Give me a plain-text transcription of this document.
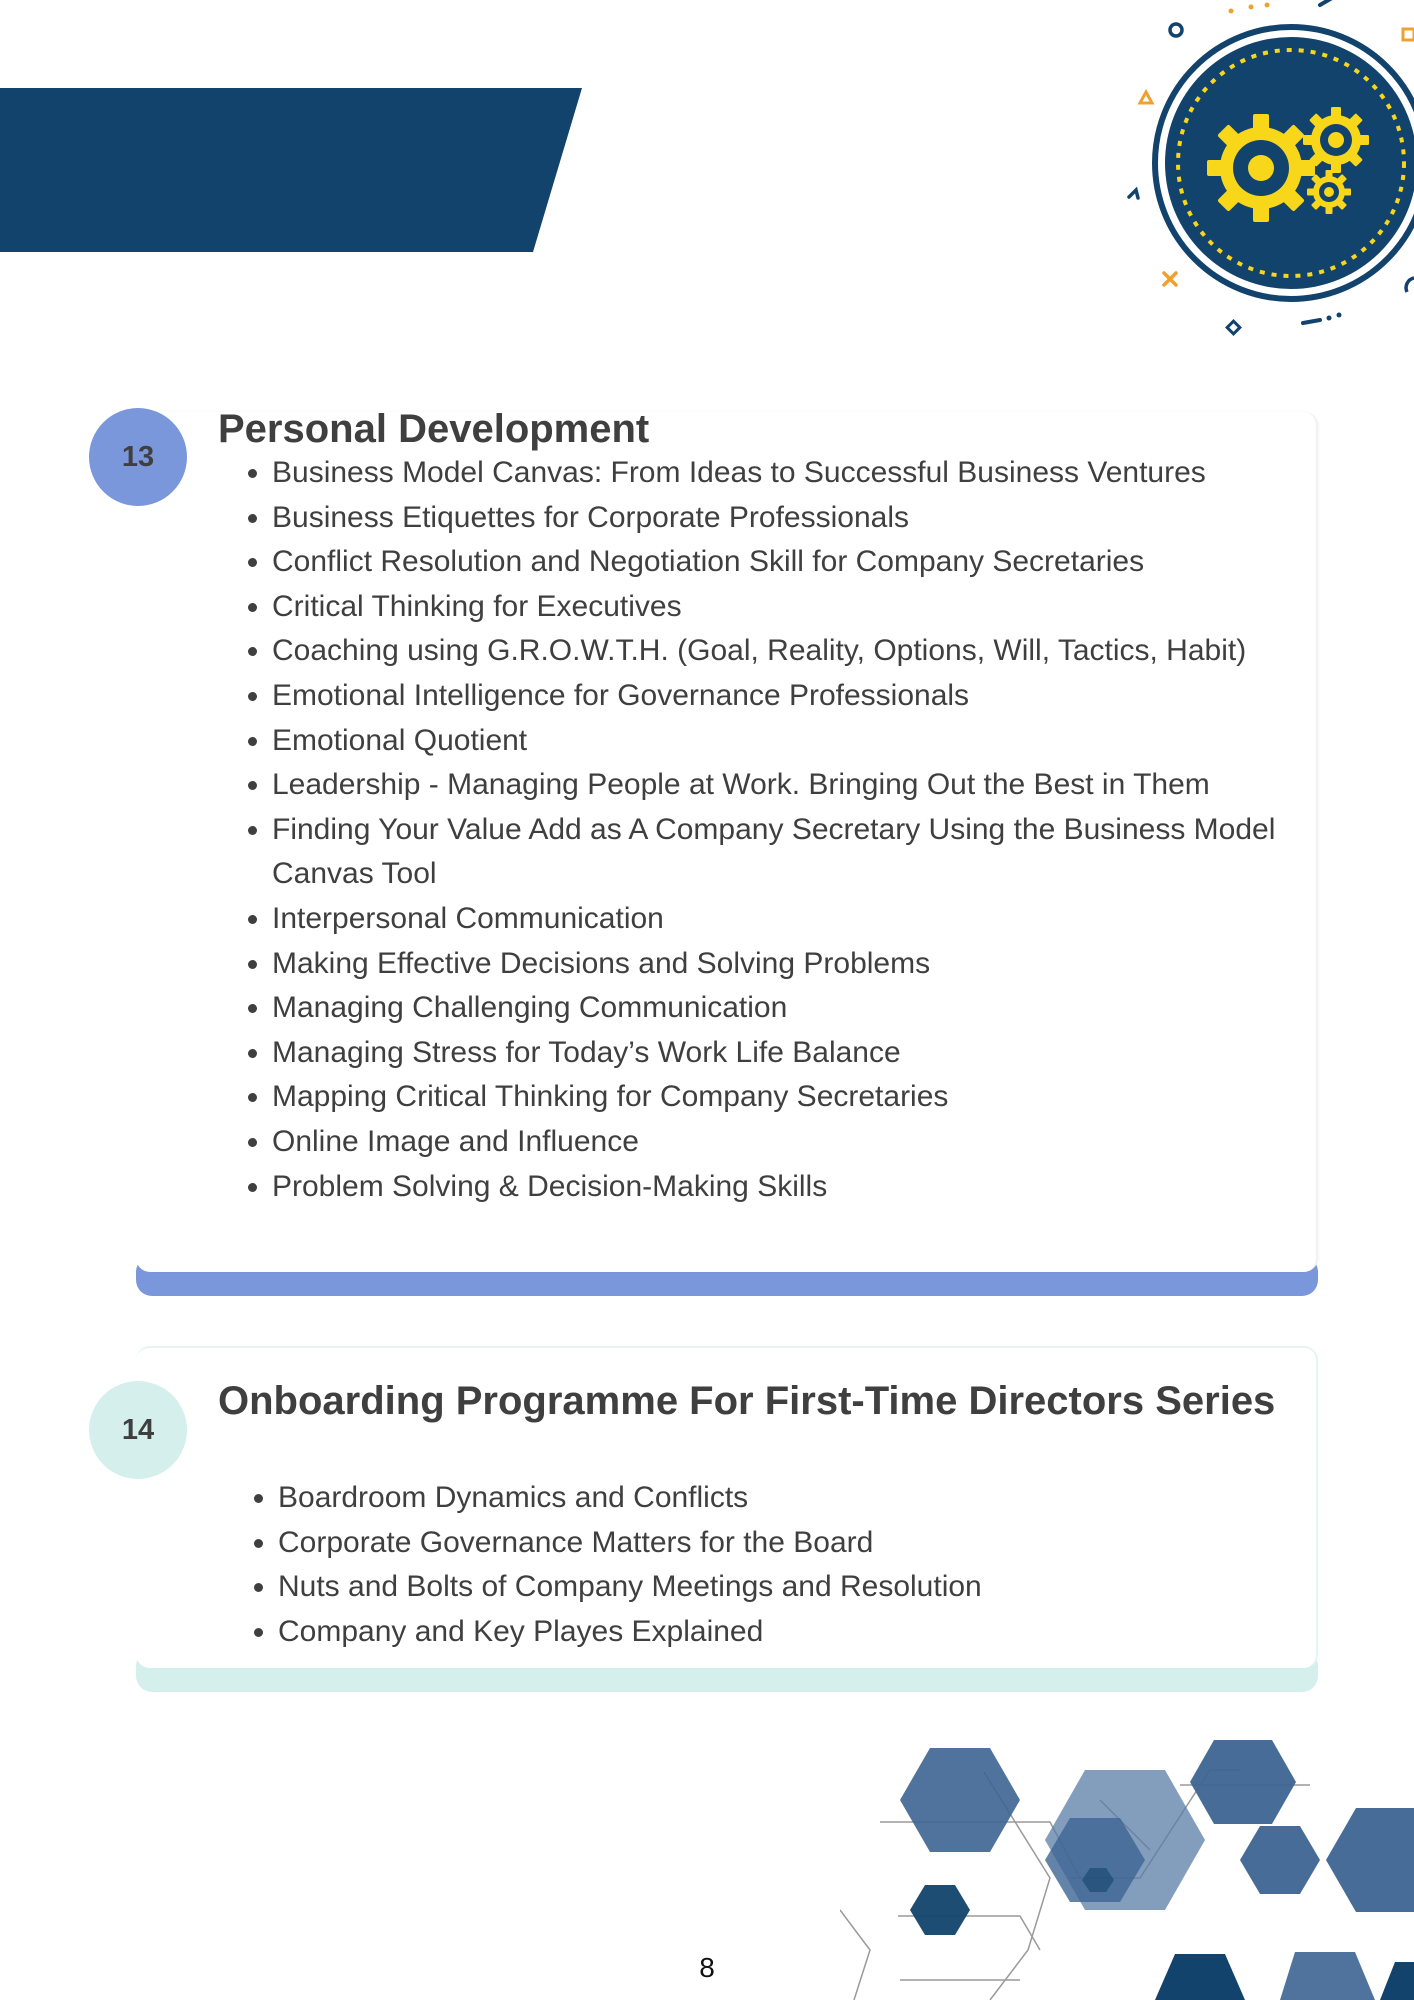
13
Personal Development
• Business Model Canvas: From Ideas to Successful Business Ventures
• Business Etiquettes for Corporate Professionals
• Conflict Resolution and Negotiation Skill for Company Secretaries
• Critical Thinking for Executives
• Coaching using G.R.O.W.T.H. (Goal, Reality, Options, Will, Tactics, Habit)
• Emotional Intelligence for Governance Professionals
• Emotional Quotient
• Leadership - Managing People at Work. Bringing Out the Best in Them
• Finding Your Value Add as A Company Secretary Using the Business Model Canvas Tool
• Interpersonal Communication
• Making Effective Decisions and Solving Problems
• Managing Challenging Communication
• Managing Stress for Today’s Work Life Balance
• Mapping Critical Thinking for Company Secretaries
• Online Image and Influence
• Problem Solving & Decision-Making Skills
14
Onboarding Programme For First-Time Directors Series
• Boardroom Dynamics and Conflicts
• Corporate Governance Matters for the Board
• Nuts and Bolts of Company Meetings and Resolution
• Company and Key Playes Explained
8
